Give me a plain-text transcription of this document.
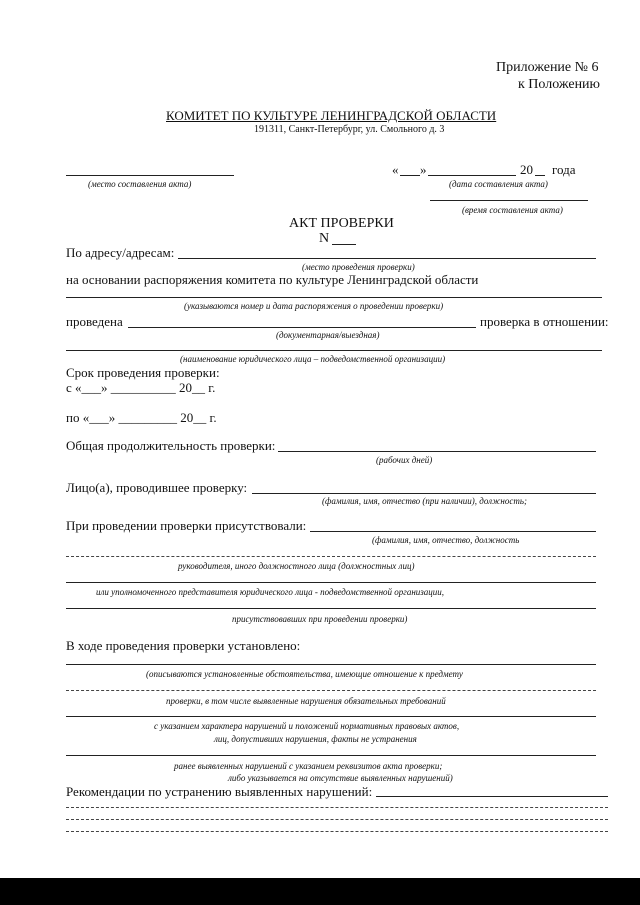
Приложение № 6
к Положению
КОМИТЕТ ПО КУЛЬТУРЕ ЛЕНИНГРАДСКОЙ ОБЛАСТИ
191311, Санкт-Петербург, ул. Смольного д. 3
(место составления акта)
« »	20 года
(дата составления акта)
(время составления акта)
АКТ ПРОВЕРКИ
N
По адресу/адресам:
(место проведения проверки)
на основании распоряжения комитета по культуре Ленинградской области
(указываются номер и дата распоряжения о проведении проверки)
проведена	проверка в отношении:
(документарная/выездная)
(наименование юридического лица – подведомственной организации)
Срок проведения проверки:
с «___» __________ 20__ г.
по «___» _________ 20__ г.
Общая продолжительность проверки:
(рабочих дней)
Лицо(а), проводившее проверку:
(фамилия, имя, отчество (при наличии), должность;
При проведении проверки присутствовали:
(фамилия, имя, отчество, должность
руководителя, иного должностного лица (должностных лиц)
или уполномоченного представителя юридического лица - подведомственной организации,
присутствовавших при проведении проверки)
В ходе проведения проверки установлено:
(описываются установленные обстоятельства, имеющие отношение к предмету
проверки, в том числе выявленные нарушения обязательных требований
с указанием характера нарушений и положений нормативных правовых актов,
лиц, допустивших нарушения, факты не устранения
ранее выявленных нарушений с указанием реквизитов акта проверки;
либо указывается на отсутствие выявленных нарушений)
Рекомендации по устранению выявленных нарушений:
